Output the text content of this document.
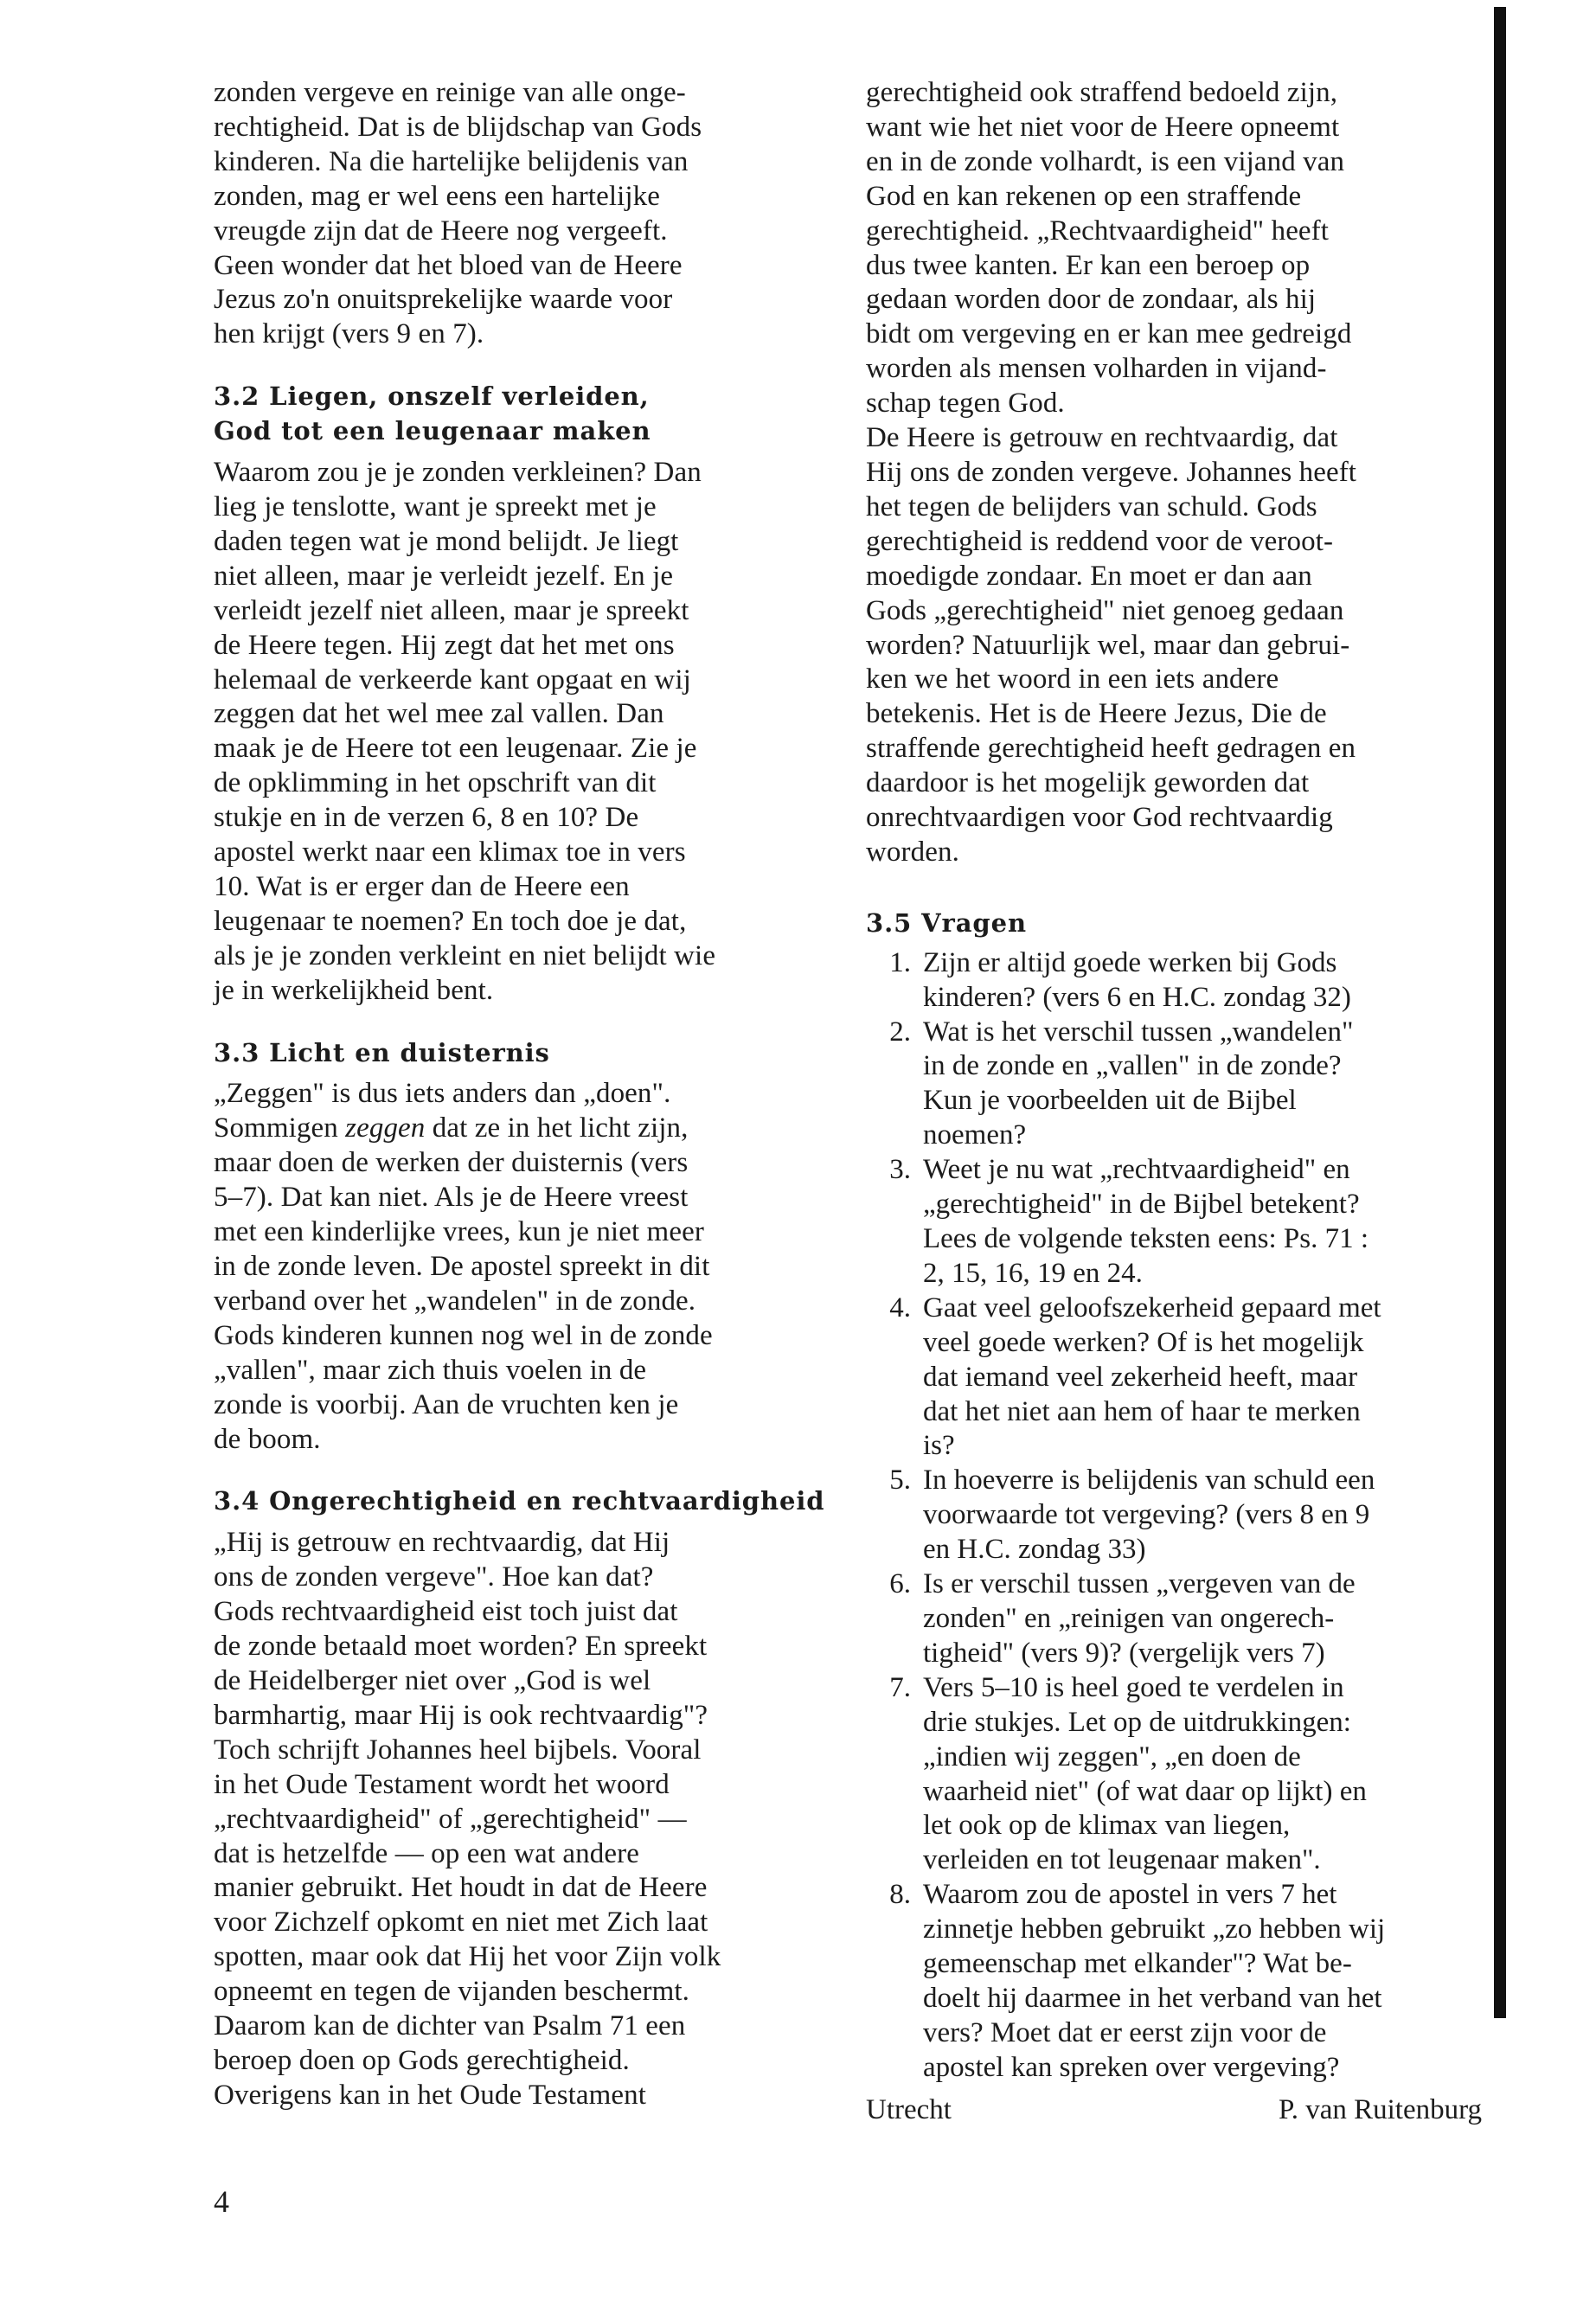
zonden vergeve en reinige van alle onge-
rechtigheid. Dat is de blijdschap van Gods
kinderen. Na die hartelijke belijdenis van
zonden, mag er wel eens een hartelijke
vreugde zijn dat de Heere nog vergeeft.
Geen wonder dat het bloed van de Heere
Jezus zo'n onuitsprekelijke waarde voor
hen krijgt (vers 9 en 7).

3.2 Liegen, onszelf verleiden,
God tot een leugenaar maken

Waarom zou je je zonden verkleinen? Dan
lieg je tenslotte, want je spreekt met je
daden tegen wat je mond belijdt. Je liegt
niet alleen, maar je verleidt jezelf. En je
verleidt jezelf niet alleen, maar je spreekt
de Heere tegen. Hij zegt dat het met ons
helemaal de verkeerde kant opgaat en wij
zeggen dat het wel mee zal vallen. Dan
maak je de Heere tot een leugenaar. Zie je
de opklimming in het opschrift van dit
stukje en in de verzen 6, 8 en 10? De
apostel werkt naar een klimax toe in vers
10. Wat is er erger dan de Heere een
leugenaar te noemen? En toch doe je dat,
als je je zonden verkleint en niet belijdt wie
je in werkelijkheid bent.

3.3 Licht en duisternis

„Zeggen" is dus iets anders dan „doen".
Sommigen zeggen dat ze in het licht zijn,
maar doen de werken der duisternis (vers
5–7). Dat kan niet. Als je de Heere vreest
met een kinderlijke vrees, kun je niet meer
in de zonde leven. De apostel spreekt in dit
verband over het „wandelen" in de zonde.
Gods kinderen kunnen nog wel in de zonde
„vallen", maar zich thuis voelen in de
zonde is voorbij. Aan de vruchten ken je
de boom.

3.4 Ongerechtigheid en rechtvaardigheid

„Hij is getrouw en rechtvaardig, dat Hij
ons de zonden vergeve". Hoe kan dat?
Gods rechtvaardigheid eist toch juist dat
de zonde betaald moet worden? En spreekt
de Heidelberger niet over „God is wel
barmhartig, maar Hij is ook rechtvaardig"?
Toch schrijft Johannes heel bijbels. Vooral
in het Oude Testament wordt het woord
„rechtvaardigheid" of „gerechtigheid" —
dat is hetzelfde — op een wat andere
manier gebruikt. Het houdt in dat de Heere
voor Zichzelf opkomt en niet met Zich laat
spotten, maar ook dat Hij het voor Zijn volk
opneemt en tegen de vijanden beschermt.
Daarom kan de dichter van Psalm 71 een
beroep doen op Gods gerechtigheid.
Overigens kan in het Oude Testament

gerechtigheid ook straffend bedoeld zijn,
want wie het niet voor de Heere opneemt
en in de zonde volhardt, is een vijand van
God en kan rekenen op een straffende
gerechtigheid. „Rechtvaardigheid" heeft
dus twee kanten. Er kan een beroep op
gedaan worden door de zondaar, als hij
bidt om vergeving en er kan mee gedreigd
worden als mensen volharden in vijand-
schap tegen God.

De Heere is getrouw en rechtvaardig, dat
Hij ons de zonden vergeve. Johannes heeft
het tegen de belijders van schuld. Gods
gerechtigheid is reddend voor de veroot-
moedigde zondaar. En moet er dan aan
Gods „gerechtigheid" niet genoeg gedaan
worden? Natuurlijk wel, maar dan gebrui-
ken we het woord in een iets andere
betekenis. Het is de Heere Jezus, Die de
straffende gerechtigheid heeft gedragen en
daardoor is het mogelijk geworden dat
onrechtvaardigen voor God rechtvaardig
worden.

3.5 Vragen
1. Zijn er altijd goede werken bij Gods
kinderen? (vers 6 en H.C. zondag 32)
2. Wat is het verschil tussen „wandelen"
in de zonde en „vallen" in de zonde?
Kun je voorbeelden uit de Bijbel
noemen?
3. Weet je nu wat „rechtvaardigheid" en
„gerechtigheid" in de Bijbel betekent?
Lees de volgende teksten eens: Ps. 71 :
2, 15, 16, 19 en 24.
4. Gaat veel geloofszekerheid gepaard met
veel goede werken? Of is het mogelijk
dat iemand veel zekerheid heeft, maar
dat het niet aan hem of haar te merken
is?
5. In hoeverre is belijdenis van schuld een
voorwaarde tot vergeving? (vers 8 en 9
en H.C. zondag 33)
6. Is er verschil tussen „vergeven van de
zonden" en „reinigen van ongerech-
tigheid" (vers 9)? (vergelijk vers 7)
7. Vers 5–10 is heel goed te verdelen in
drie stukjes. Let op de uitdrukkingen:
„indien wij zeggen", „en doen de
waarheid niet" (of wat daar op lijkt) en
let ook op de klimax van liegen,
verleiden en tot leugenaar maken".
8. Waarom zou de apostel in vers 7 het
zinnetje hebben gebruikt „zo hebben wij
gemeenschap met elkander"? Wat be-
doelt hij daarmee in het verband van het
vers? Moet dat er eerst zijn voor de
apostel kan spreken over vergeving?
Utrecht	P. van Ruitenburg
4
